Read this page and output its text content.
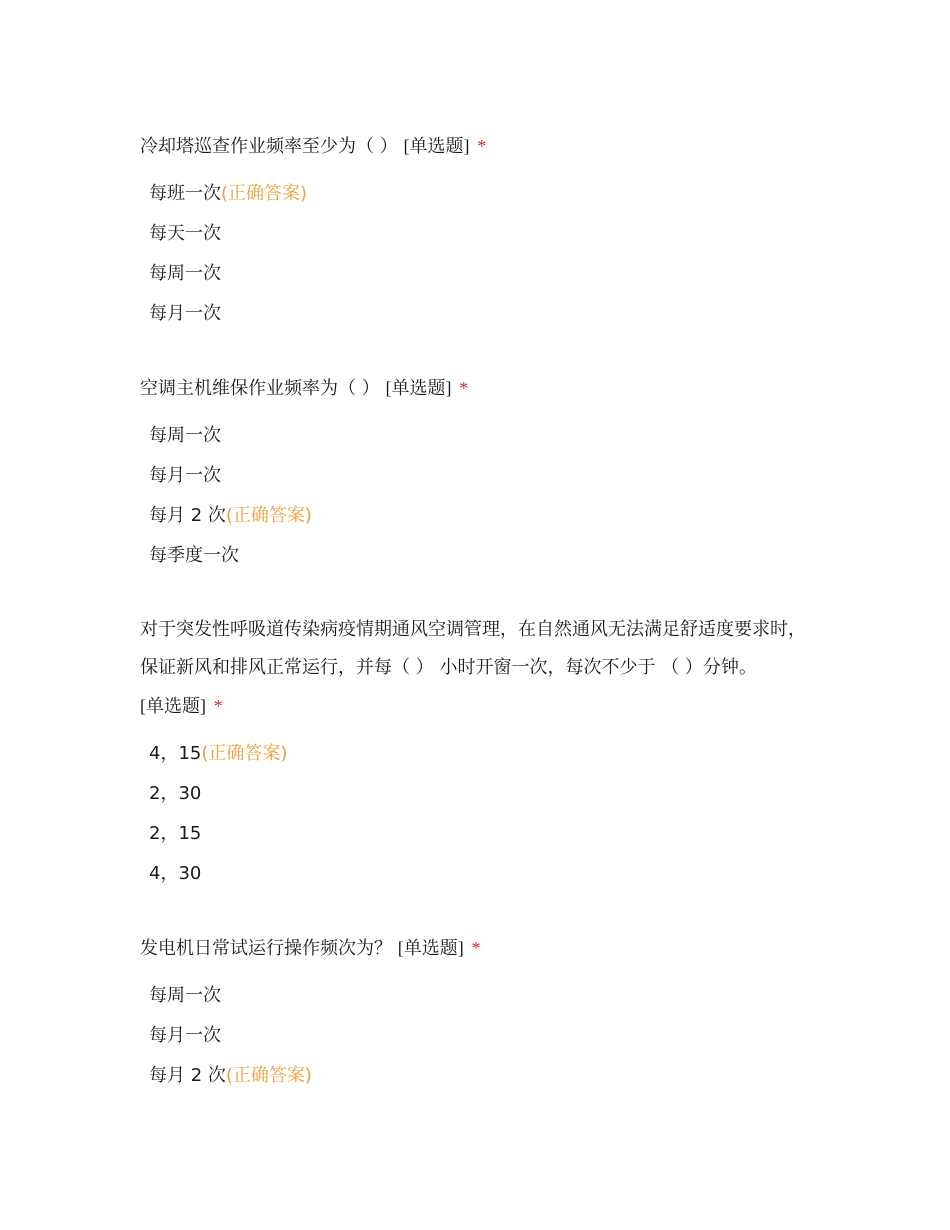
冷却塔巡查作业频率至少为（ ） [单选题] *

每班一次(正确答案)
每天一次
每周一次
每月一次

空调主机维保作业频率为（ ） [单选题] *

每周一次
每月一次
每月 2 次(正确答案)
每季度一次

对于突发性呼吸道传染病疫情期通风空调管理，在自然通风无法满足舒适度要求时，保证新风和排风正常运行，并每（ ） 小时开窗一次，每次不少于 （ ）分钟。
[单选题] *

4，15(正确答案)
2，30
2，15
4，30

发电机日常试运行操作频次为？ [单选题] *

每周一次
每月一次
每月 2 次(正确答案)
